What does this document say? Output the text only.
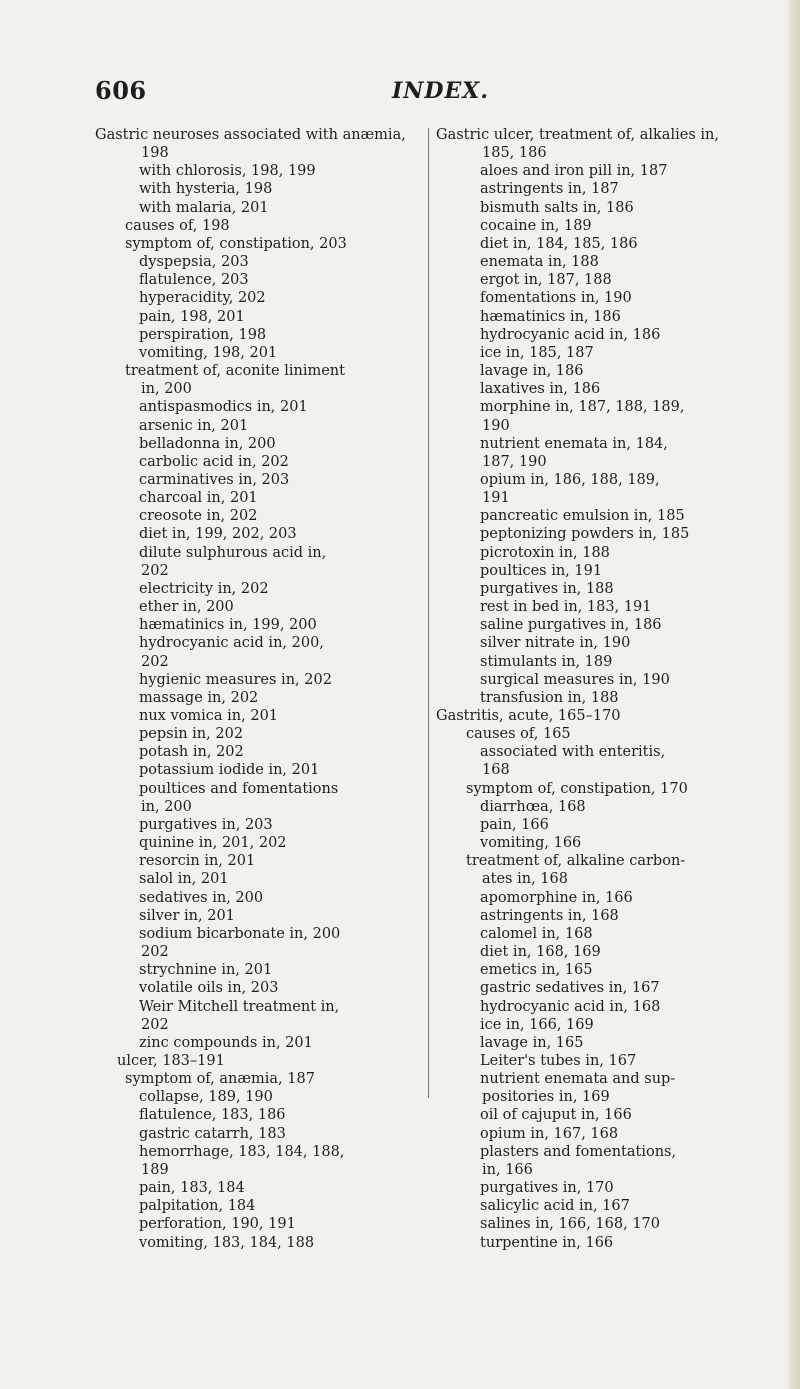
606	INDEX.
Gastric neuroses associated with anæmia,
198
with chlorosis, 198, 199
with hysteria, 198
with malaria, 201
causes of, 198
symptom of, constipation, 203
dyspepsia, 203
flatulence, 203
hyperacidity, 202
pain, 198, 201
perspiration, 198
vomiting, 198, 201
treatment of, aconite liniment
in, 200
antispasmodics in, 201
arsenic in, 201
belladonna in, 200
carbolic acid in, 202
carminatives in, 203
charcoal in, 201
creosote in, 202
diet in, 199, 202, 203
dilute sulphurous acid in,
202
electricity in, 202
ether in, 200
hæmatinics in, 199, 200
hydrocyanic acid in, 200,
202
hygienic measures in, 202
massage in, 202
nux vomica in, 201
pepsin in, 202
potash in, 202
potassium iodide in, 201
poultices and fomentations
in, 200
purgatives in, 203
quinine in, 201, 202
resorcin in, 201
salol in, 201
sedatives in, 200
silver in, 201
sodium bicarbonate in, 200
202
strychnine in, 201
volatile oils in, 203
Weir Mitchell treatment in,
202
zinc compounds in, 201
ulcer, 183–191
symptom of, anæmia, 187
collapse, 189, 190
flatulence, 183, 186
gastric catarrh, 183
hemorrhage, 183, 184, 188,
189
pain, 183, 184
palpitation, 184
perforation, 190, 191
vomiting, 183, 184, 188
Gastric ulcer, treatment of, alkalies in,
185, 186
aloes and iron pill in, 187
astringents in, 187
bismuth salts in, 186
cocaine in, 189
diet in, 184, 185, 186
enemata in, 188
ergot in, 187, 188
fomentations in, 190
hæmatinics in, 186
hydrocyanic acid in, 186
ice in, 185, 187
lavage in, 186
laxatives in, 186
morphine in, 187, 188, 189,
190
nutrient enemata in, 184,
187, 190
opium in, 186, 188, 189,
191
pancreatic emulsion in, 185
peptonizing powders in, 185
picrotoxin in, 188
poultices in, 191
purgatives in, 188
rest in bed in, 183, 191
saline purgatives in, 186
silver nitrate in, 190
stimulants in, 189
surgical measures in, 190
transfusion in, 188
Gastritis, acute, 165–170
causes of, 165
associated with enteritis,
168
symptom of, constipation, 170
diarrhœa, 168
pain, 166
vomiting, 166
treatment of, alkaline carbon-
ates in, 168
apomorphine in, 166
astringents in, 168
calomel in, 168
diet in, 168, 169
emetics in, 165
gastric sedatives in, 167
hydrocyanic acid in, 168
ice in, 166, 169
lavage in, 165
Leiter's tubes in, 167
nutrient enemata and sup-
positories in, 169
oil of cajuput in, 166
opium in, 167, 168
plasters and fomentations,
in, 166
purgatives in, 170
salicylic acid in, 167
salines in, 166, 168, 170
turpentine in, 166
